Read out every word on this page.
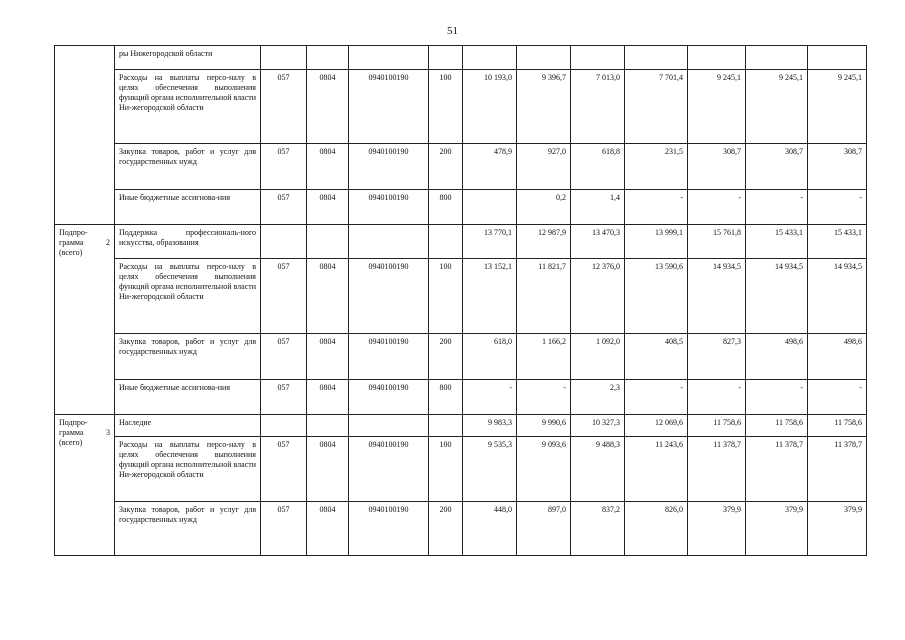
51
	ры Нижегородской области											
	Расходы на выплаты персо-налу в целях обеспечения выполнения функций органа исполнительной власти Ни-жегородской области	057	0804	0940100190	100	10 193,0	9 396,7	7 013,0	7 701,4	9 245,1	9 245,1	9 245,1
	Закупка товаров, работ и услуг для государственных нужд	057	0804	0940100190	200	478,9	927,0	618,8	231,5	308,7	308,7	308,7
	Иные бюджетные ассигнова-ния	057	0804	0940100190	800		0,2	1,4	-	-	-	-

Подпро-
грамма 2
(всего)	Поддержка профессиональ-ного искусства, образования					13 770,1	12 987,9	13 470,3	13 999,1	15 761,8	15 433,1	15 433,1
	Расходы на выплаты персо-налу в целях обеспечения выполнения функций органа исполнительной власти Ни-жегородской области	057	0804	0940100190	100	13 152,1	11 821,7	12 376,0	13 590,6	14 934,5	14 934,5	14 934,5
	Закупка товаров, работ и услуг для государственных нужд	057	0804	0940100190	200	618,0	1 166,2	1 092,0	408,5	827,3	498,6	498,6
	Иные бюджетные ассигнова-ния	057	0804	0940100190	800	-	-	2,3	-	-	-	-

Подпро-
грамма 3
(всего)	Наследие					9 983,3	9 990,6	10 327,3	12 069,6	11 758,6	11 758,6	11 758,6
	Расходы на выплаты персо-налу в целях обеспечения выполнения функций органа исполнительной власти Ни-жегородской области	057	0804	0940100190	100	9 535,3	9 093,6	9 488,3	11 243,6	11 378,7	11 378,7	11 378,7
	Закупка товаров, работ и услуг для государственных нужд	057	0804	0940100190	200	448,0	897,0	837,2	826,0	379,9	379,9	379,9
